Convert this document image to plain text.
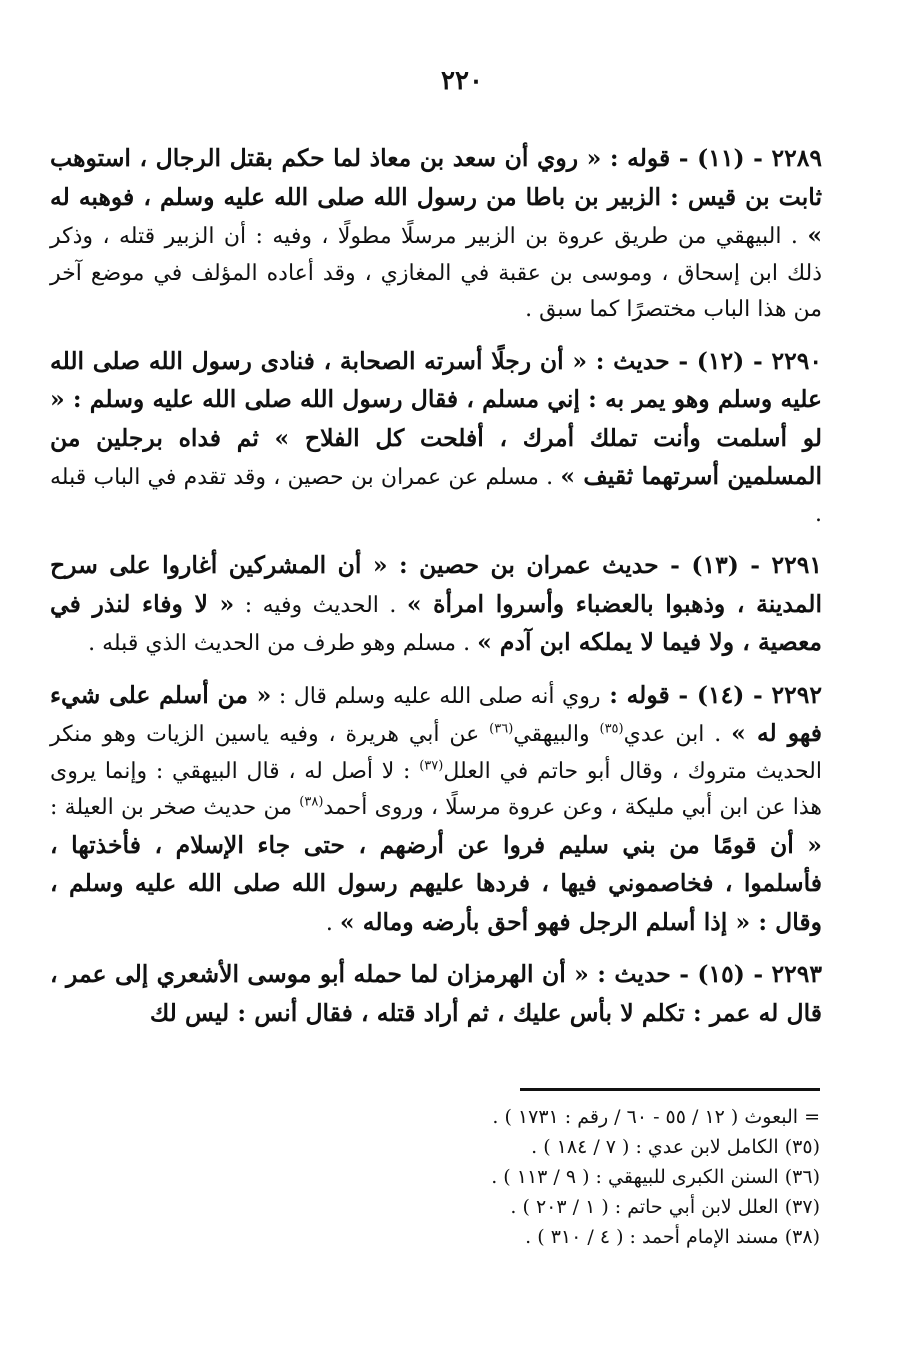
٢٢٠

٢٢٨٩ - (١١) - قوله : « روي أن سعد بن معاذ لما حكم بقتل الرجال ، استوهب ثابت بن قيس : الزبير بن باطا من رسول الله صلى الله عليه وسلم ، فوهبه له » . البيهقي من طريق عروة بن الزبير مرسلًا مطولًا ، وفيه : أن الزبير قتله ، وذكر ذلك ابن إسحاق ، وموسى بن عقبة في المغازي ، وقد أعاده المؤلف في موضع آخر من هذا الباب مختصرًا كما سبق .

٢٢٩٠ - (١٢) - حديث : « أن رجلًا أسرته الصحابة ، فنادى رسول الله صلى الله عليه وسلم وهو يمر به : إني مسلم ، فقال رسول الله صلى الله عليه وسلم : « لو أسلمت وأنت تملك أمرك ، أفلحت كل الفلاح » ثم فداه برجلين من المسلمين أسرتهما ثقيف » . مسلم عن عمران بن حصين ، وقد تقدم في الباب قبله .

٢٢٩١ - (١٣) - حديث عمران بن حصين : « أن المشركين أغاروا على سرح المدينة ، وذهبوا بالعضباء وأسروا امرأة » . الحديث وفيه : « لا وفاء لنذر في معصية ، ولا فيما لا يملكه ابن آدم » . مسلم وهو طرف من الحديث الذي قبله .

٢٢٩٢ - (١٤) - قوله : روي أنه صلى الله عليه وسلم قال : « من أسلم على شيء فهو له » . ابن عدي$^{(٣٥)}$ والبيهقي$^{(٣٦)}$ عن أبي هريرة ، وفيه ياسين الزيات وهو منكر الحديث متروك ، وقال أبو حاتم في العلل$^{(٣٧)}$ : لا أصل له ، قال البيهقي : وإنما يروى هذا عن ابن أبي مليكة ، وعن عروة مرسلًا ، وروى أحمد$^{(٣٨)}$ من حديث صخر بن العيلة : « أن قومًا من بني سليم فروا عن أرضهم ، حتى جاء الإسلام ، فأخذتها ، فأسلموا ، فخاصموني فيها ، فردها عليهم رسول الله صلى الله عليه وسلم ، وقال : « إذا أسلم الرجل فهو أحق بأرضه وماله » .

٢٢٩٣ - (١٥) - حديث : « أن الهرمزان لما حمله أبو موسى الأشعري إلى عمر ، قال له عمر : تكلم لا بأس عليك ، ثم أراد قتله ، فقال أنس : ليس لك

= البعوث ( ١٢ / ٥٥ - ٦٠ / رقم : ١٧٣١ ) .
(٣٥) الكامل لابن عدي : ( ٧ / ١٨٤ ) .
(٣٦) السنن الكبرى للبيهقي : ( ٩ / ١١٣ ) .
(٣٧) العلل لابن أبي حاتم : ( ١ / ٢٠٣ ) .
(٣٨) مسند الإمام أحمد : ( ٤ / ٣١٠ ) .
